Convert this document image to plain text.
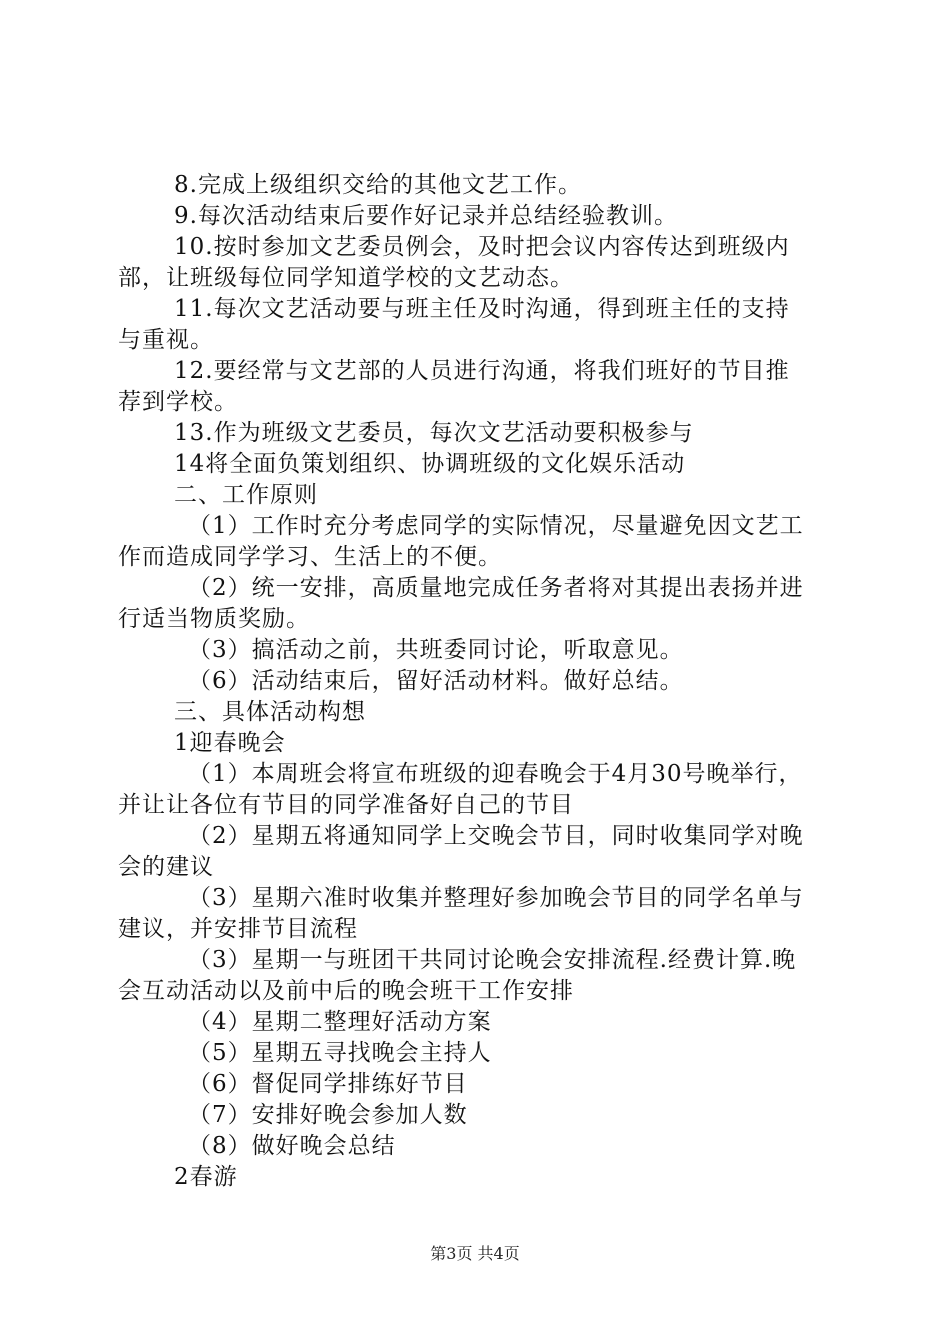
8.完成上级组织交给的其他文艺工作。
9.每次活动结束后要作好记录并总结经验教训。
10.按时参加文艺委员例会，及时把会议内容传达到班级内
部，让班级每位同学知道学校的文艺动态。
11.每次文艺活动要与班主任及时沟通，得到班主任的支持
与重视。
12.要经常与文艺部的人员进行沟通，将我们班好的节目推
荐到学校。
13.作为班级文艺委员，每次文艺活动要积极参与
14将全面负策划组织、协调班级的文化娱乐活动
二、工作原则
（1）工作时充分考虑同学的实际情况，尽量避免因文艺工
作而造成同学学习、生活上的不便。
（2）统一安排，高质量地完成任务者将对其提出表扬并进
行适当物质奖励。
（3）搞活动之前，共班委同讨论，听取意见。
（6）活动结束后，留好活动材料。做好总结。
三、具体活动构想
1迎春晚会
（1）本周班会将宣布班级的迎春晚会于4月30号晚举行，
并让让各位有节目的同学准备好自己的节目
（2）星期五将通知同学上交晚会节目，同时收集同学对晚
会的建议
（3）星期六准时收集并整理好参加晚会节目的同学名单与
建议，并安排节目流程
（3）星期一与班团干共同讨论晚会安排流程.经费计算.晚
会互动活动以及前中后的晚会班干工作安排
（4）星期二整理好活动方案
（5）星期五寻找晚会主持人
（6）督促同学排练好节目
（7）安排好晚会参加人数
（8）做好晚会总结
2春游
第3页 共4页
